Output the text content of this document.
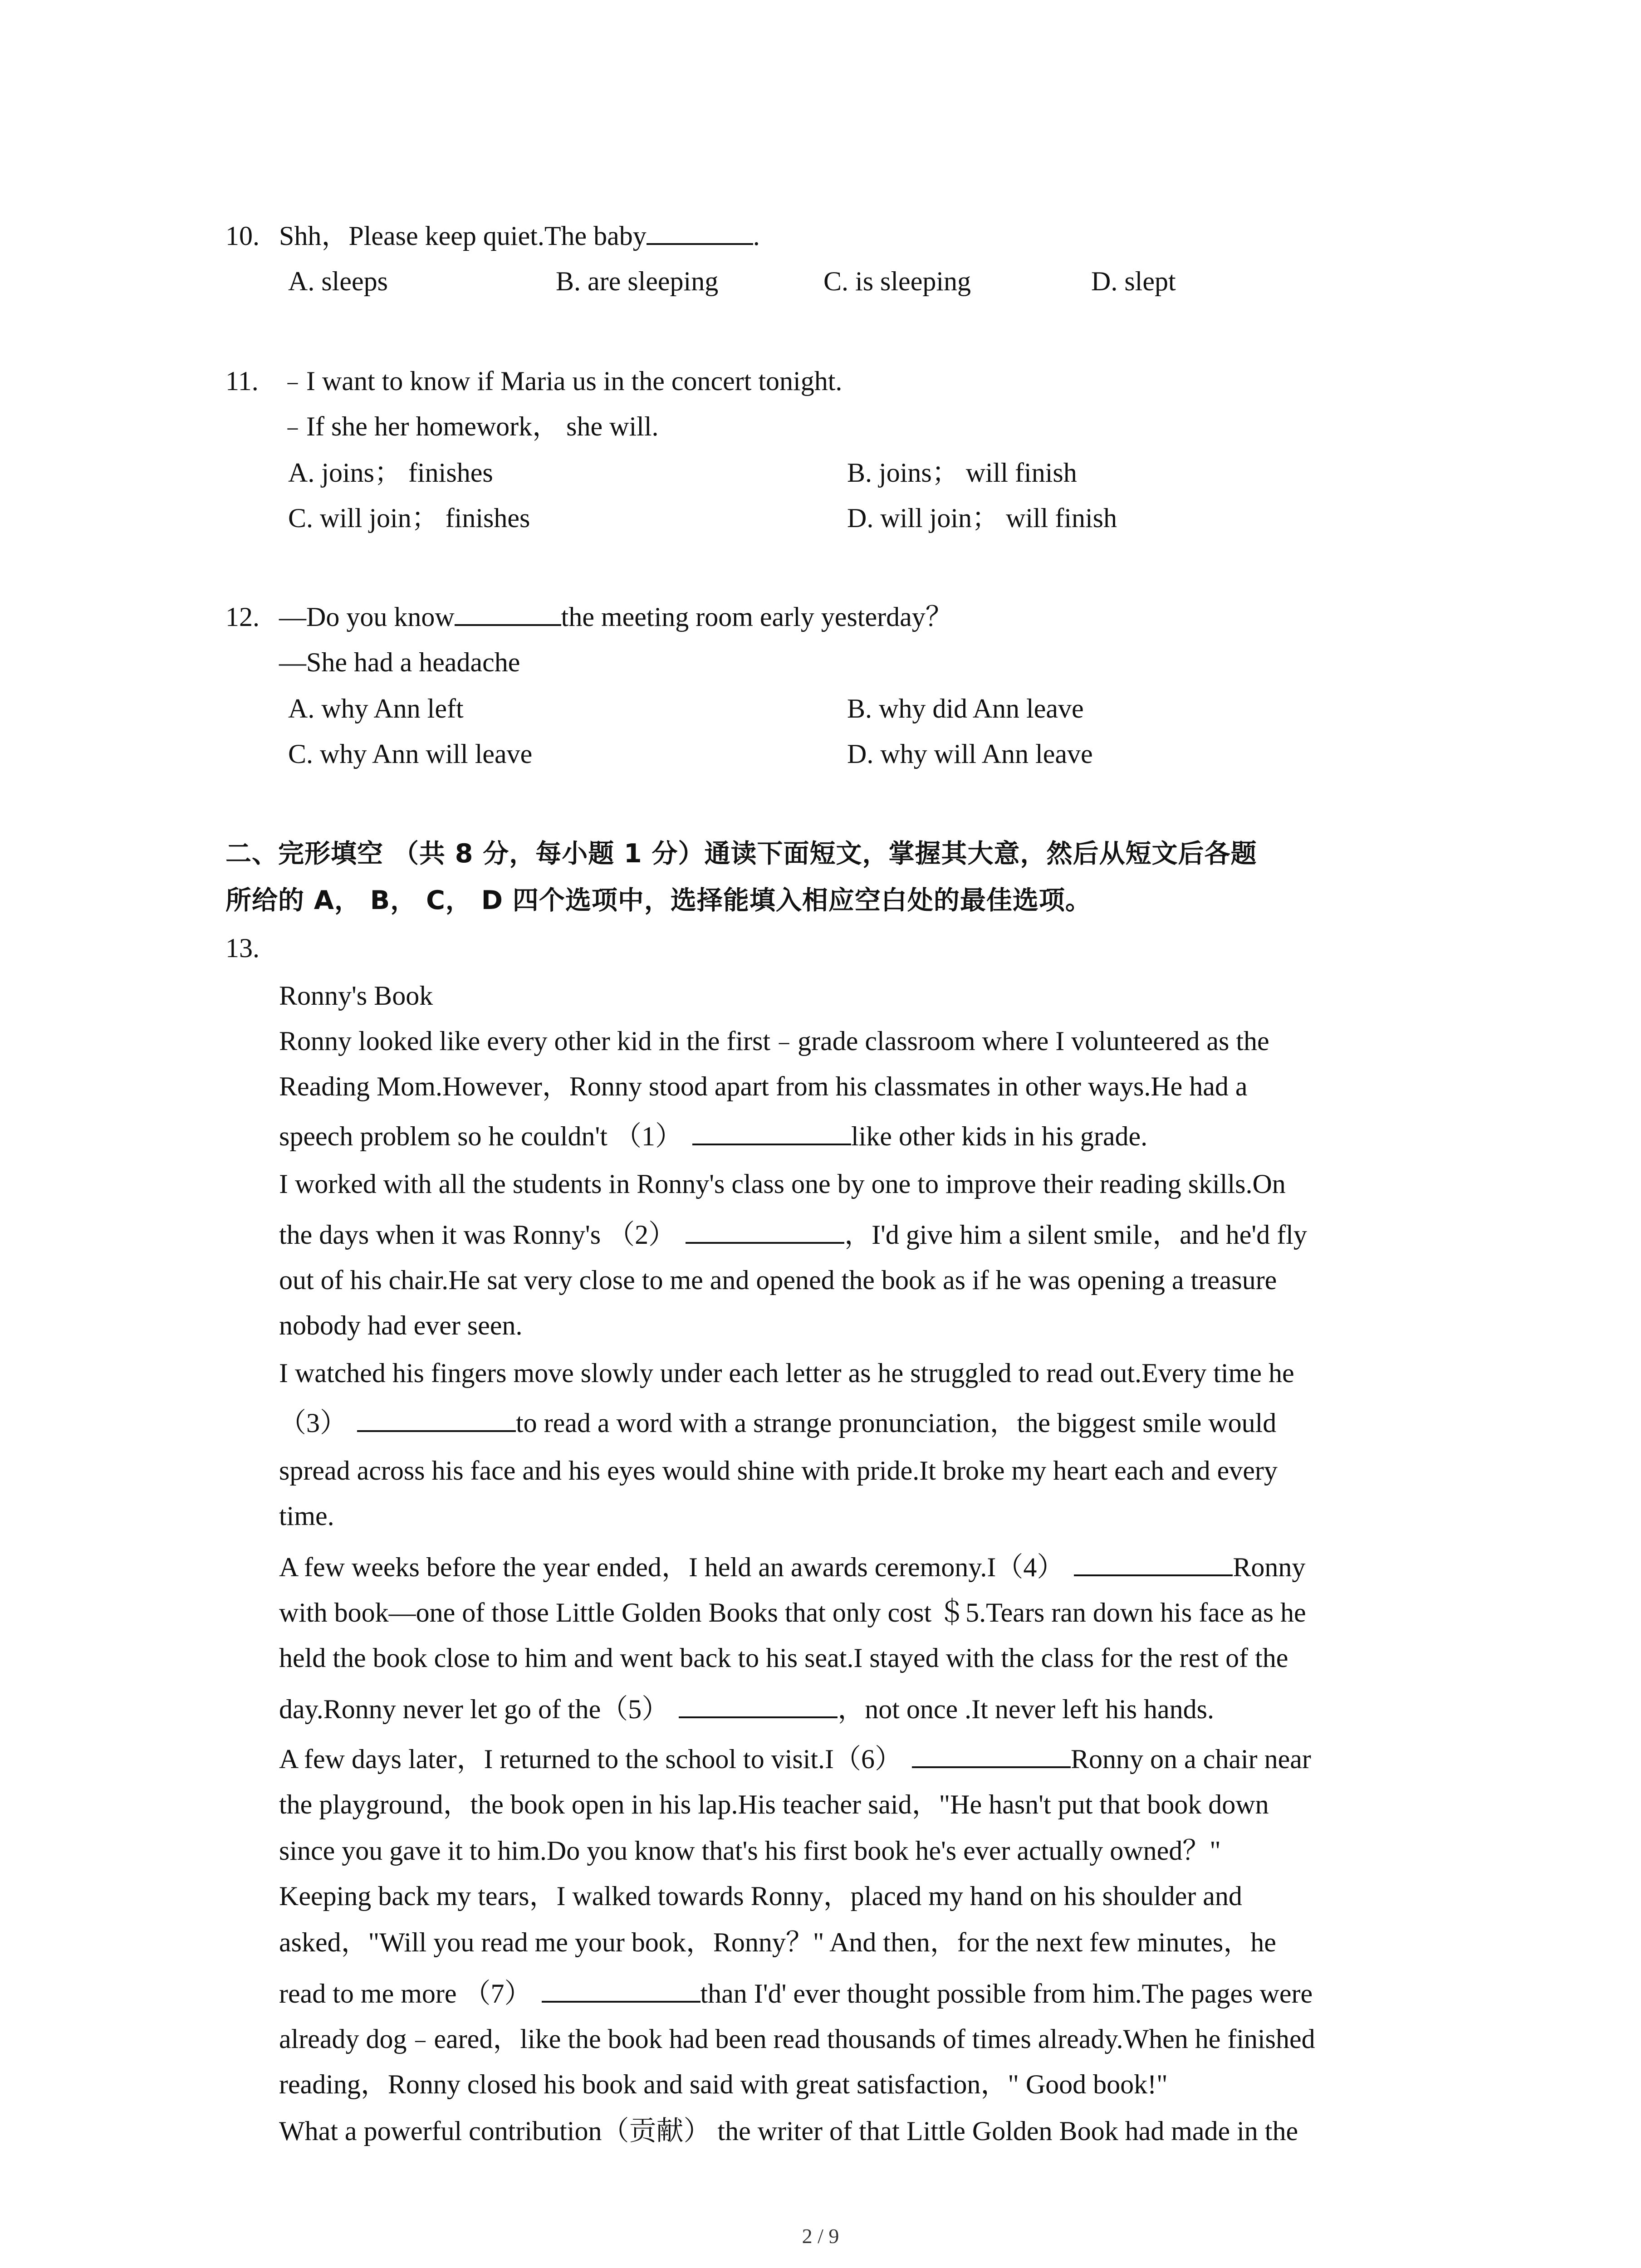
10. Shh，Please keep quiet.The baby	.
A. sleeps	B. are sleeping	C. is sleeping	D. slept
11. ﹣I want to know if Maria us in the concert tonight.
﹣If she her homework， she will.
A. joins； finishes	B. joins； will finish
C. will join； finishes	D. will join； will finish
12. —Do you know	the meeting room early yesterday？
—She had a headache
A. why Ann left	B. why did Ann leave
C. why Ann will leave	D. why will Ann leave
二、完形填空 （共 8 分，每小题 1 分）通读下面短文，掌握其大意，然后从短文后各题
所给的 A， B， C， D 四个选项中，选择能填入相应空白处的最佳选项。
13.
Ronny's Book
Ronny looked like every other kid in the first﹣grade classroom where I volunteered as the
Reading Mom.However，Ronny stood apart from his classmates in other ways.He had a
speech problem so he couldn't （1）	like other kids in his grade.
I worked with all the students in Ronny's class one by one to improve their reading skills.On
the days when it was Ronny's （2）	，I'd give him a silent smile，and he'd fly
out of his chair.He sat very close to me and opened the book as if he was opening a treasure
nobody had ever seen.
I watched his fingers move slowly under each letter as he struggled to read out.Every time he
（3）	to read a word with a strange pronunciation，the biggest smile would
spread across his face and his eyes would shine with pride.It broke my heart each and every
time.
A few weeks before the year ended，I held an awards ceremony.I（4）	Ronny
with book—one of those Little Golden Books that only cost ＄5.Tears ran down his face as he
held the book close to him and went back to his seat.I stayed with the class for the rest of the
day.Ronny never let go of the（5）	，not once .It never left his hands.
A few days later，I returned to the school to visit.I（6）	Ronny on a chair near
the playground，the book open in his lap.His teacher said，"He hasn't put that book down
since you gave it to him.Do you know that's his first book he's ever actually owned？"
Keeping back my tears，I walked towards Ronny，placed my hand on his shoulder and
asked，"Will you read me your book，Ronny？" And then，for the next few minutes，he
read to me more （7）	than I'd' ever thought possible from him.The pages were
already dog﹣eared，like the book had been read thousands of times already.When he finished
reading，Ronny closed his book and said with great satisfaction，" Good book!"
What a powerful contribution（贡献） the writer of that Little Golden Book had made in the
2 / 9
